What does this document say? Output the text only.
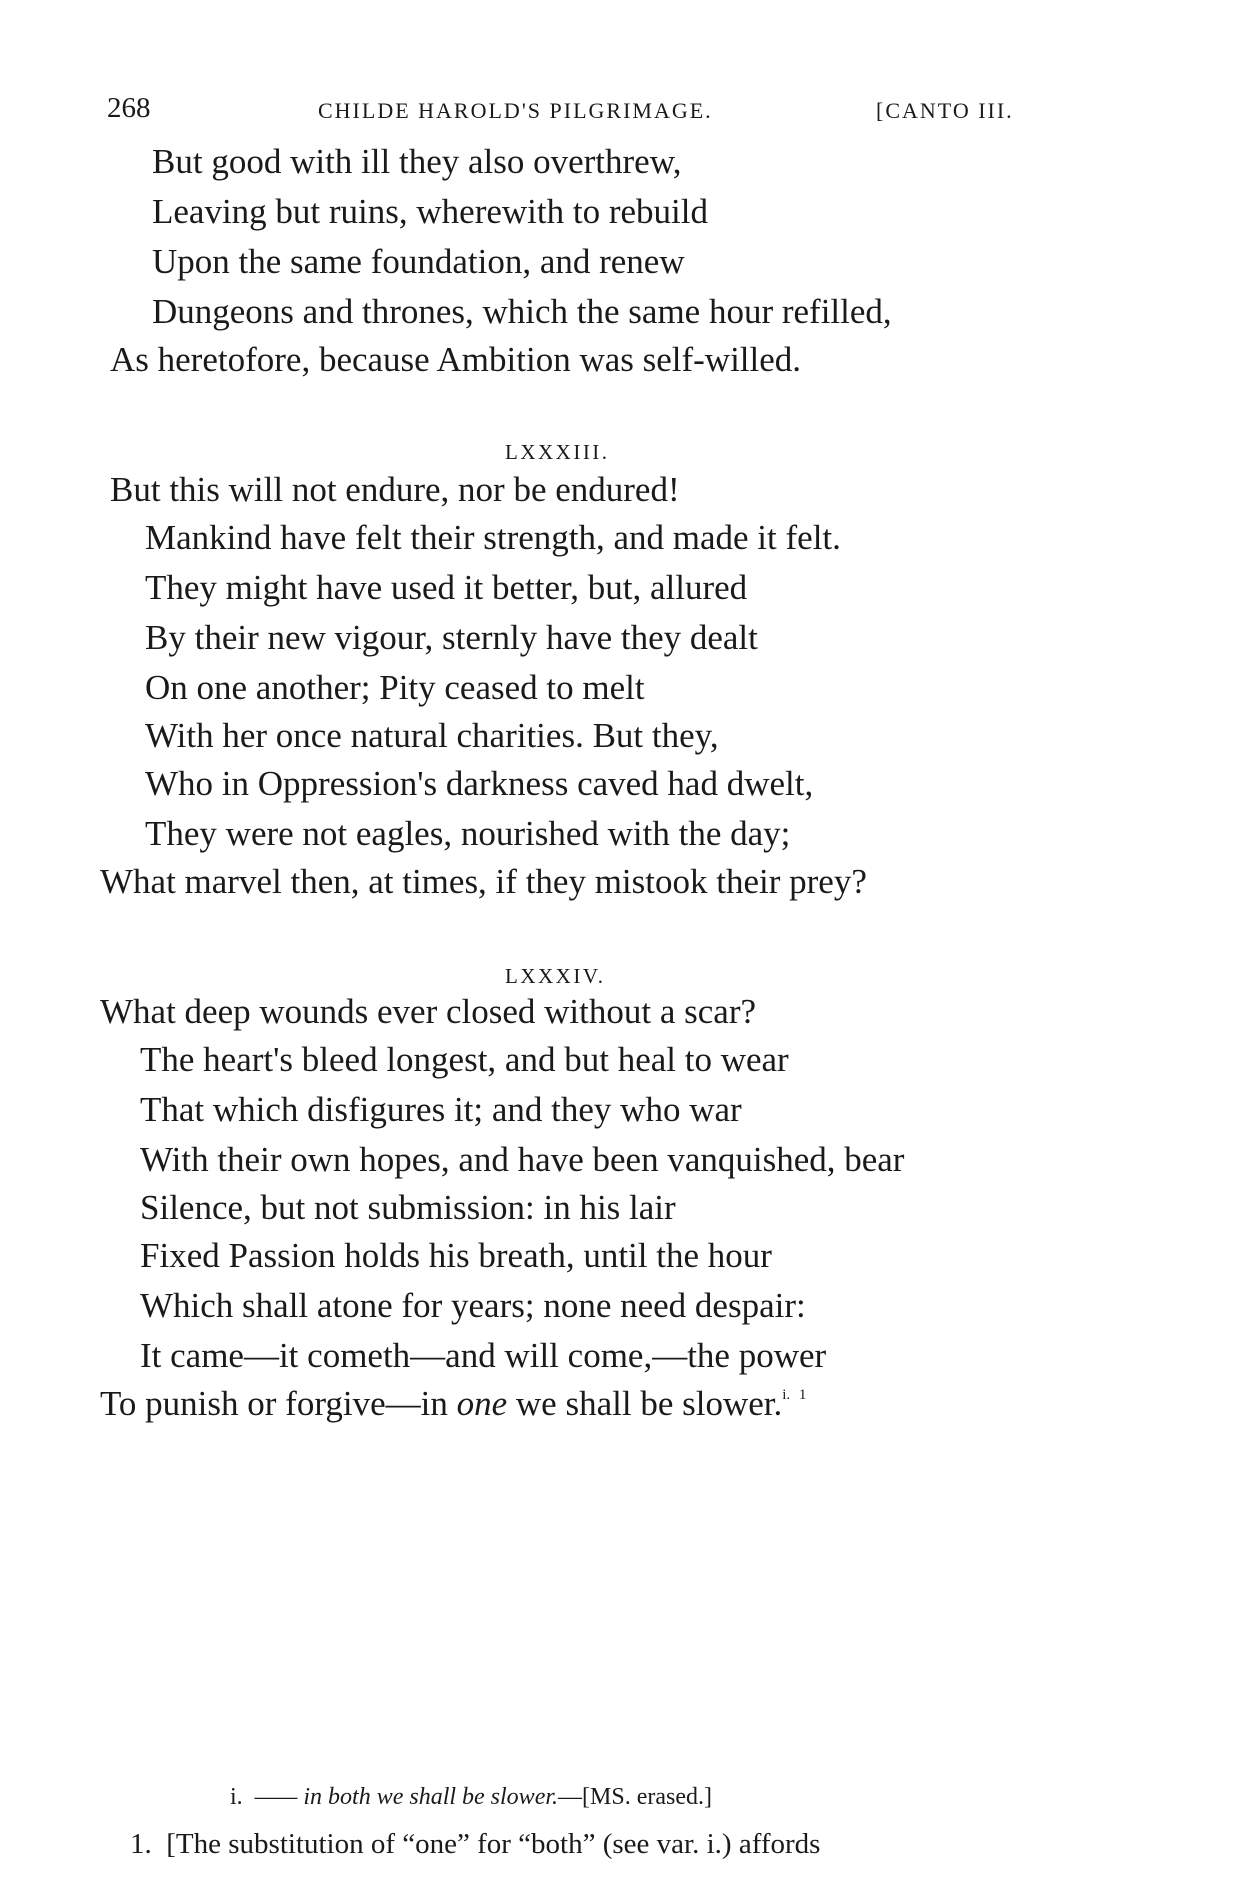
268	CHILDE HAROLD'S PILGRIMAGE.	[CANTO III.
But good with ill they also overthrew,
Leaving but ruins, wherewith to rebuild
Upon the same foundation, and renew
Dungeons and thrones, which the same hour refilled,
As heretofore, because Ambition was self-willed.
LXXXIII.
But this will not endure, nor be endured!
Mankind have felt their strength, and made it felt.
They might have used it better, but, allured
By their new vigour, sternly have they dealt
On one another; Pity ceased to melt
With her once natural charities. But they,
Who in Oppression's darkness caved had dwelt,
They were not eagles, nourished with the day;
What marvel then, at times, if they mistook their prey?
LXXXIV.
What deep wounds ever closed without a scar?
The heart's bleed longest, and but heal to wear
That which disfigures it; and they who war
With their own hopes, and have been vanquished, bear
Silence, but not submission: in his lair
Fixed Passion holds his breath, until the hour
Which shall atone for years; none need despair:
It came—it cometh—and will come,—the power
To punish or forgive—in one we shall be slower.$^{i.}$ $^1$
i. —— in both we shall be slower.—[MS. erased.]
1. [The substitution of “one” for “both” (see var. i.) affords
